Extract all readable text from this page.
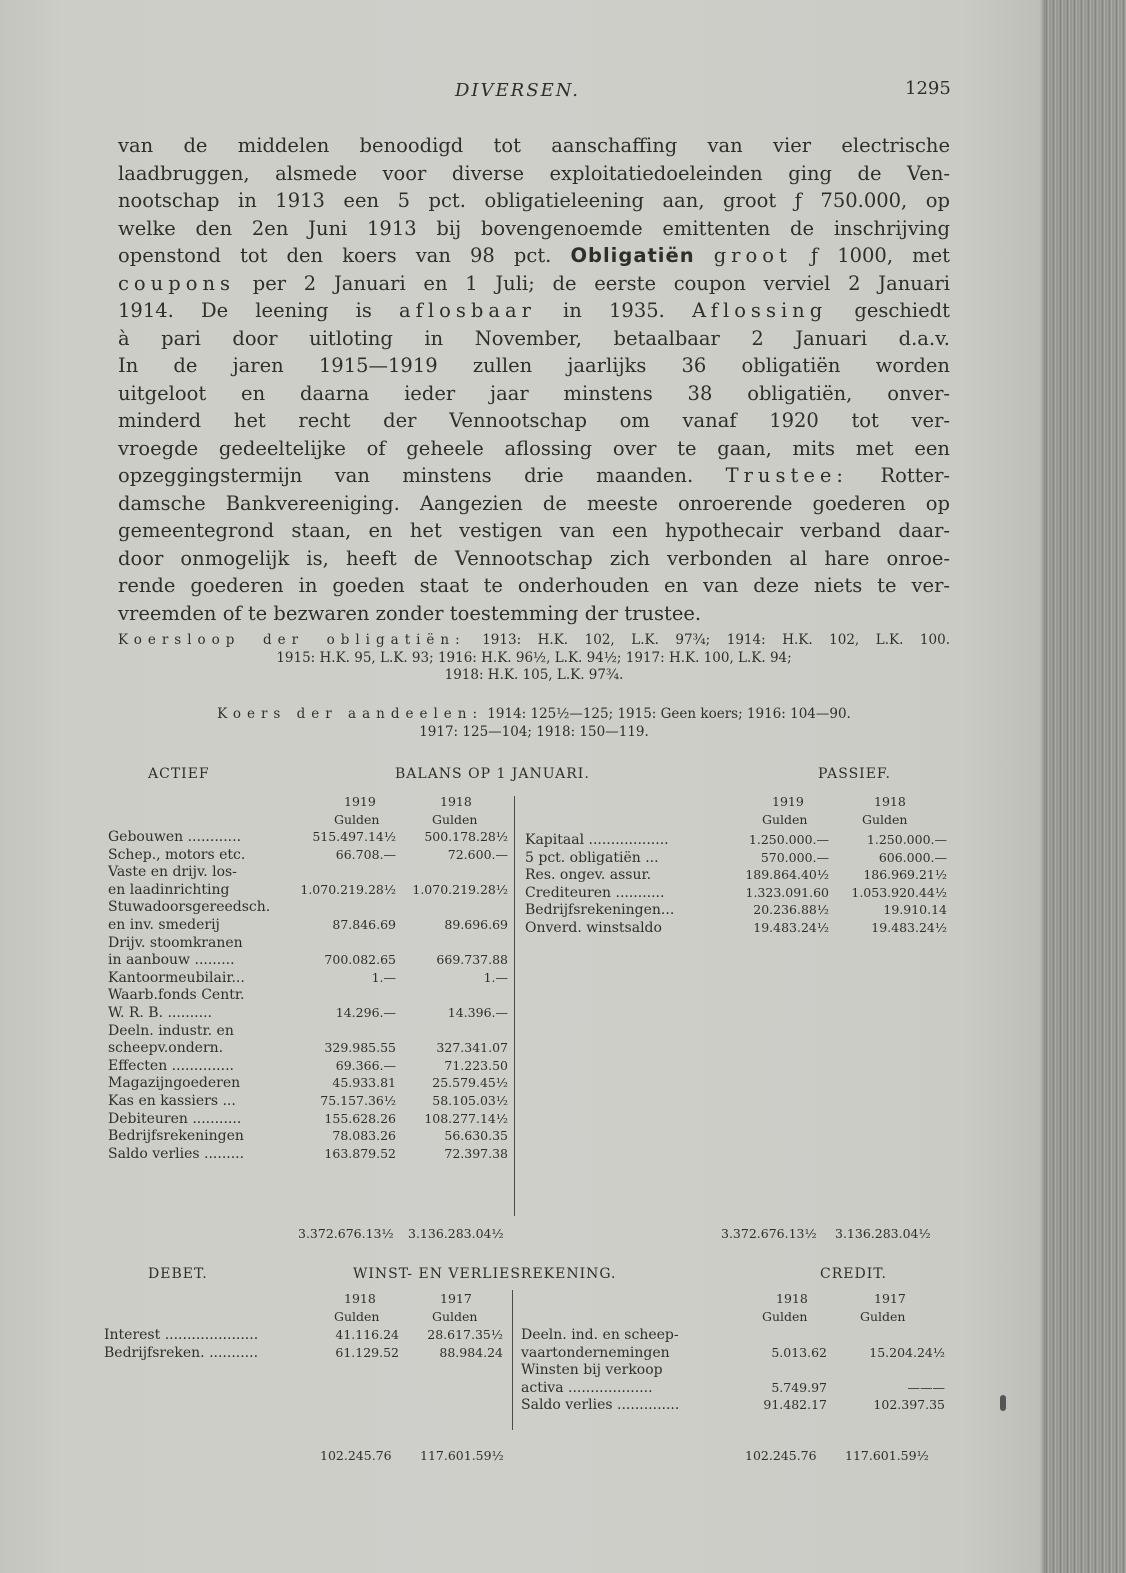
DIVERSEN.	1295
van de middelen benoodigd tot aanschaffing van vier electrische
laadbruggen, alsmede voor diverse exploitatiedoeleinden ging de Ven-
nootschap in 1913 een 5 pct. obligatieleening aan, groot ƒ 750.000, op
welke den 2en Juni 1913 bij bovengenoemde emittenten de inschrijving
openstond tot den koers van 98 pct. Obligatiën groot ƒ 1000, met
coupons per 2 Januari en 1 Juli; de eerste coupon verviel 2 Januari
1914. De leening is aflosbaar in 1935. Aflossing geschiedt
à pari door uitloting in November, betaalbaar 2 Januari d.a.v.
In de jaren 1915—1919 zullen jaarlijks 36 obligatiën worden
uitgeloot en daarna ieder jaar minstens 38 obligatiën, onver-
minderd het recht der Vennootschap om vanaf 1920 tot ver-
vroegde gedeeltelijke of geheele aflossing over te gaan, mits met een
opzeggingstermijn van minstens drie maanden. Trustee: Rotter-
damsche Bankvereeniging. Aangezien de meeste onroerende goederen op
gemeentegrond staan, en het vestigen van een hypothecair verband daar-
door onmogelijk is, heeft de Vennootschap zich verbonden al hare onroe-
rende goederen in goeden staat te onderhouden en van deze niets te ver-
vreemden of te bezwaren zonder toestemming der trustee.
Koersloop der obligatiën: 1913: H.K. 102, L.K. 97¾; 1914: H.K. 102, L.K. 100.
1915: H.K. 95, L.K. 93; 1916: H.K. 96½, L.K. 94½; 1917: H.K. 100, L.K. 94;
1918: H.K. 105, L.K. 97¾.
Koers der aandeelen: 1914: 125½—125; 1915: Geen koers; 1916: 104—90.
1917: 125—104; 1918: 150—119.
ACTIEF	BALANS OP 1 JANUARI.	PASSIEF.
1919	1918
Gulden	Gulden
1919	1918
Gulden	Gulden
Gebouwen ............	515.497.14½ 500.178.28½
Schep., motors etc.	66.708.—	72.600.—
Vaste en drijv. los-
en laadinrichting	1.070.219.28½ 1.070.219.28½
Stuwadoorsgereedsch.
en inv. smederij	87.846.69	89.696.69
Drijv. stoomkranen
in aanbouw .........	700.082.65	669.737.88
Kantoormeubilair...	1.—	1.—
Waarb.fonds Centr.
W. R. B. ..........	14.296.—	14.396.—
Deeln. industr. en
scheepv.ondern.	329.985.55	327.341.07
Effecten ..............	69.366.—	71.223.50
Magazijngoederen	45.933.81	25.579.45½
Kas en kassiers ...	75.157.36½	58.105.03½
Debiteuren ...........	155.628.26 108.277.14½
Bedrijfsrekeningen	78.083.26	56.630.35
Saldo verlies .........	163.879.52	72.397.38
Kapitaal ..................	1.250.000.—	1.250.000.—
5 pct. obligatiën ...	570.000.—	606.000.—
Res. ongev. assur.	189.864.40½	186.969.21½
Crediteuren ...........	1.323.091.60 1.053.920.44½
Bedrijfsrekeningen...	20.236.88½	19.910.14
Onverd. winstsaldo	19.483.24½	19.483.24½
3.372.676.13½ 3.136.283.04½	3.372.676.13½ 3.136.283.04½
DEBET.	WINST- EN VERLIESREKENING.	CREDIT.
1918	1917
Gulden	Gulden
1918	1917
Gulden	Gulden
Interest .....................	41.116.24 28.617.35½
Bedrijfsreken. ...........	61.129.52	88.984.24
Deeln. ind. en scheep-
vaartondernemingen	5.013.62	15.204.24½
Winsten bij verkoop
activa ...................	5.749.97	———
Saldo verlies ..............	91.482.17	102.397.35
102.245.76 117.601.59½	102.245.76 117.601.59½
